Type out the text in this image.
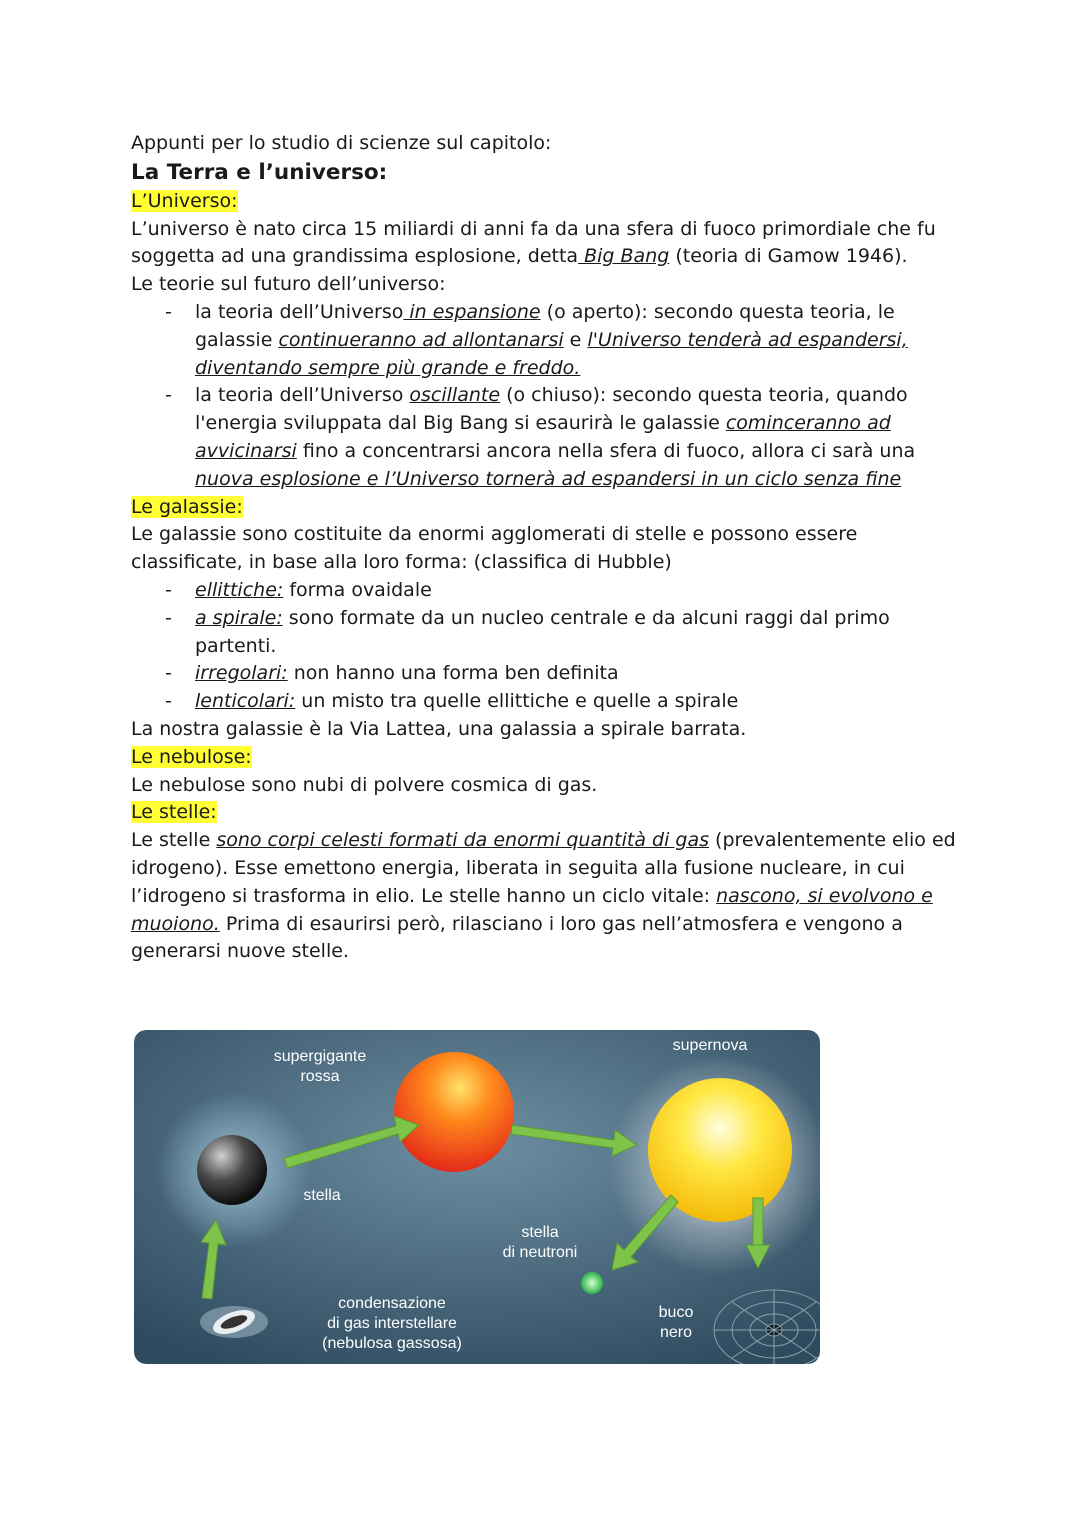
Appunti per lo studio di scienze sul capitolo:

La Terra e l’universo:

L’Universo:

L’universo è nato circa 15 miliardi di anni fa da una sfera di fuoco primordiale che fu soggetta ad una grandissima esplosione, detta Big Bang (teoria di Gamow 1946).

Le teorie sul futuro dell’universo:

- la teoria dell’Universo in espansione (o aperto): secondo questa teoria, le galassie continueranno ad allontanarsi e l'Universo tenderà ad espandersi, diventando sempre più grande e freddo.
- la teoria dell’Universo oscillante (o chiuso): secondo questa teoria, quando l'energia sviluppata dal Big Bang si esaurirà le galassie cominceranno ad avvicinarsi fino a concentrarsi ancora nella sfera di fuoco, allora ci sarà una nuova esplosione e l’Universo tornerà ad espandersi in un ciclo senza fine

Le galassie:

Le galassie sono costituite da enormi agglomerati di stelle e possono essere classificate, in base alla loro forma: (classifica di Hubble)

- ellittiche: forma ovaidale
- a spirale: sono formate da un nucleo centrale e da alcuni raggi dal primo partenti.
- irregolari: non hanno una forma ben definita
- lenticolari: un misto tra quelle ellittiche e quelle a spirale

La nostra galassie è la Via Lattea, una galassia a spirale barrata.

Le nebulose:

Le nebulose sono nubi di polvere cosmica di gas.

Le stelle:

Le stelle sono corpi celesti formati da enormi quantità di gas (prevalentemente elio ed idrogeno). Esse emettono energia, liberata in seguita alla fusione nucleare, in cui l’idrogeno si trasforma in elio. Le stelle hanno un ciclo vitale: nascono, si evolvono e muoiono. Prima di esaurirsi però, rilasciano i loro gas nell’atmosfera e vengono a generarsi nuove stelle.

supergigante
rossa
supernova
stella
stella
di neutroni
condensazione
di gas interstellare
(nebulosa gassosa)
buco
nero
